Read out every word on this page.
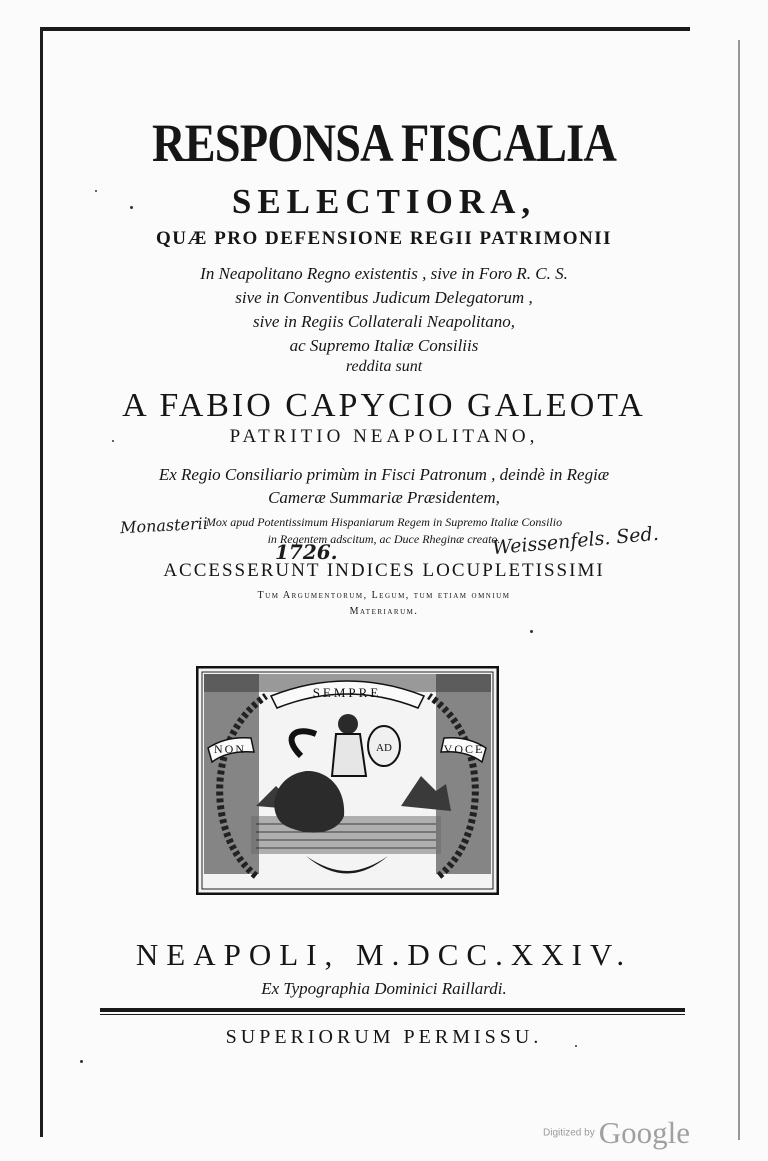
RESPONSA FISCALIA
SELECTIORA,
QUÆ PRO DEFENSIONE REGII PATRIMONII
In Neapolitano Regno existentis , sive in Foro R. C. S.
sive in Conventibus Judicum Delegatorum ,
sive in Regiis Collaterali Neapolitano,
ac Supremo Italiæ Consiliis
reddita sunt
A FABIO CAPYCIO GALEOTA
PATRITIO NEAPOLITANO,
Ex Regio Consiliario primùm in Fisci Patronum , deindè in Regiæ
Cameræ Summariæ Præsidentem,
Mox apud Potentissimum Hispaniarum Regem in Supremo Italiæ Consilio
in Regentem adscitum, ac Duce Rheginæ creato.
Monasterii
1726.	Weissenfels. Sed.
ACCESSERUNT INDICES LOCUPLETISSIMI
Tum Argumentorum, Legum, tum etiam omnium
Materiarum.
SEMPRE
NON	VOCE
AD
NEAPOLI, M.DCC.XXIV.
Ex Typographia Dominici Raillardi.
SUPERIORUM PERMISSU.
Digitized by Google
